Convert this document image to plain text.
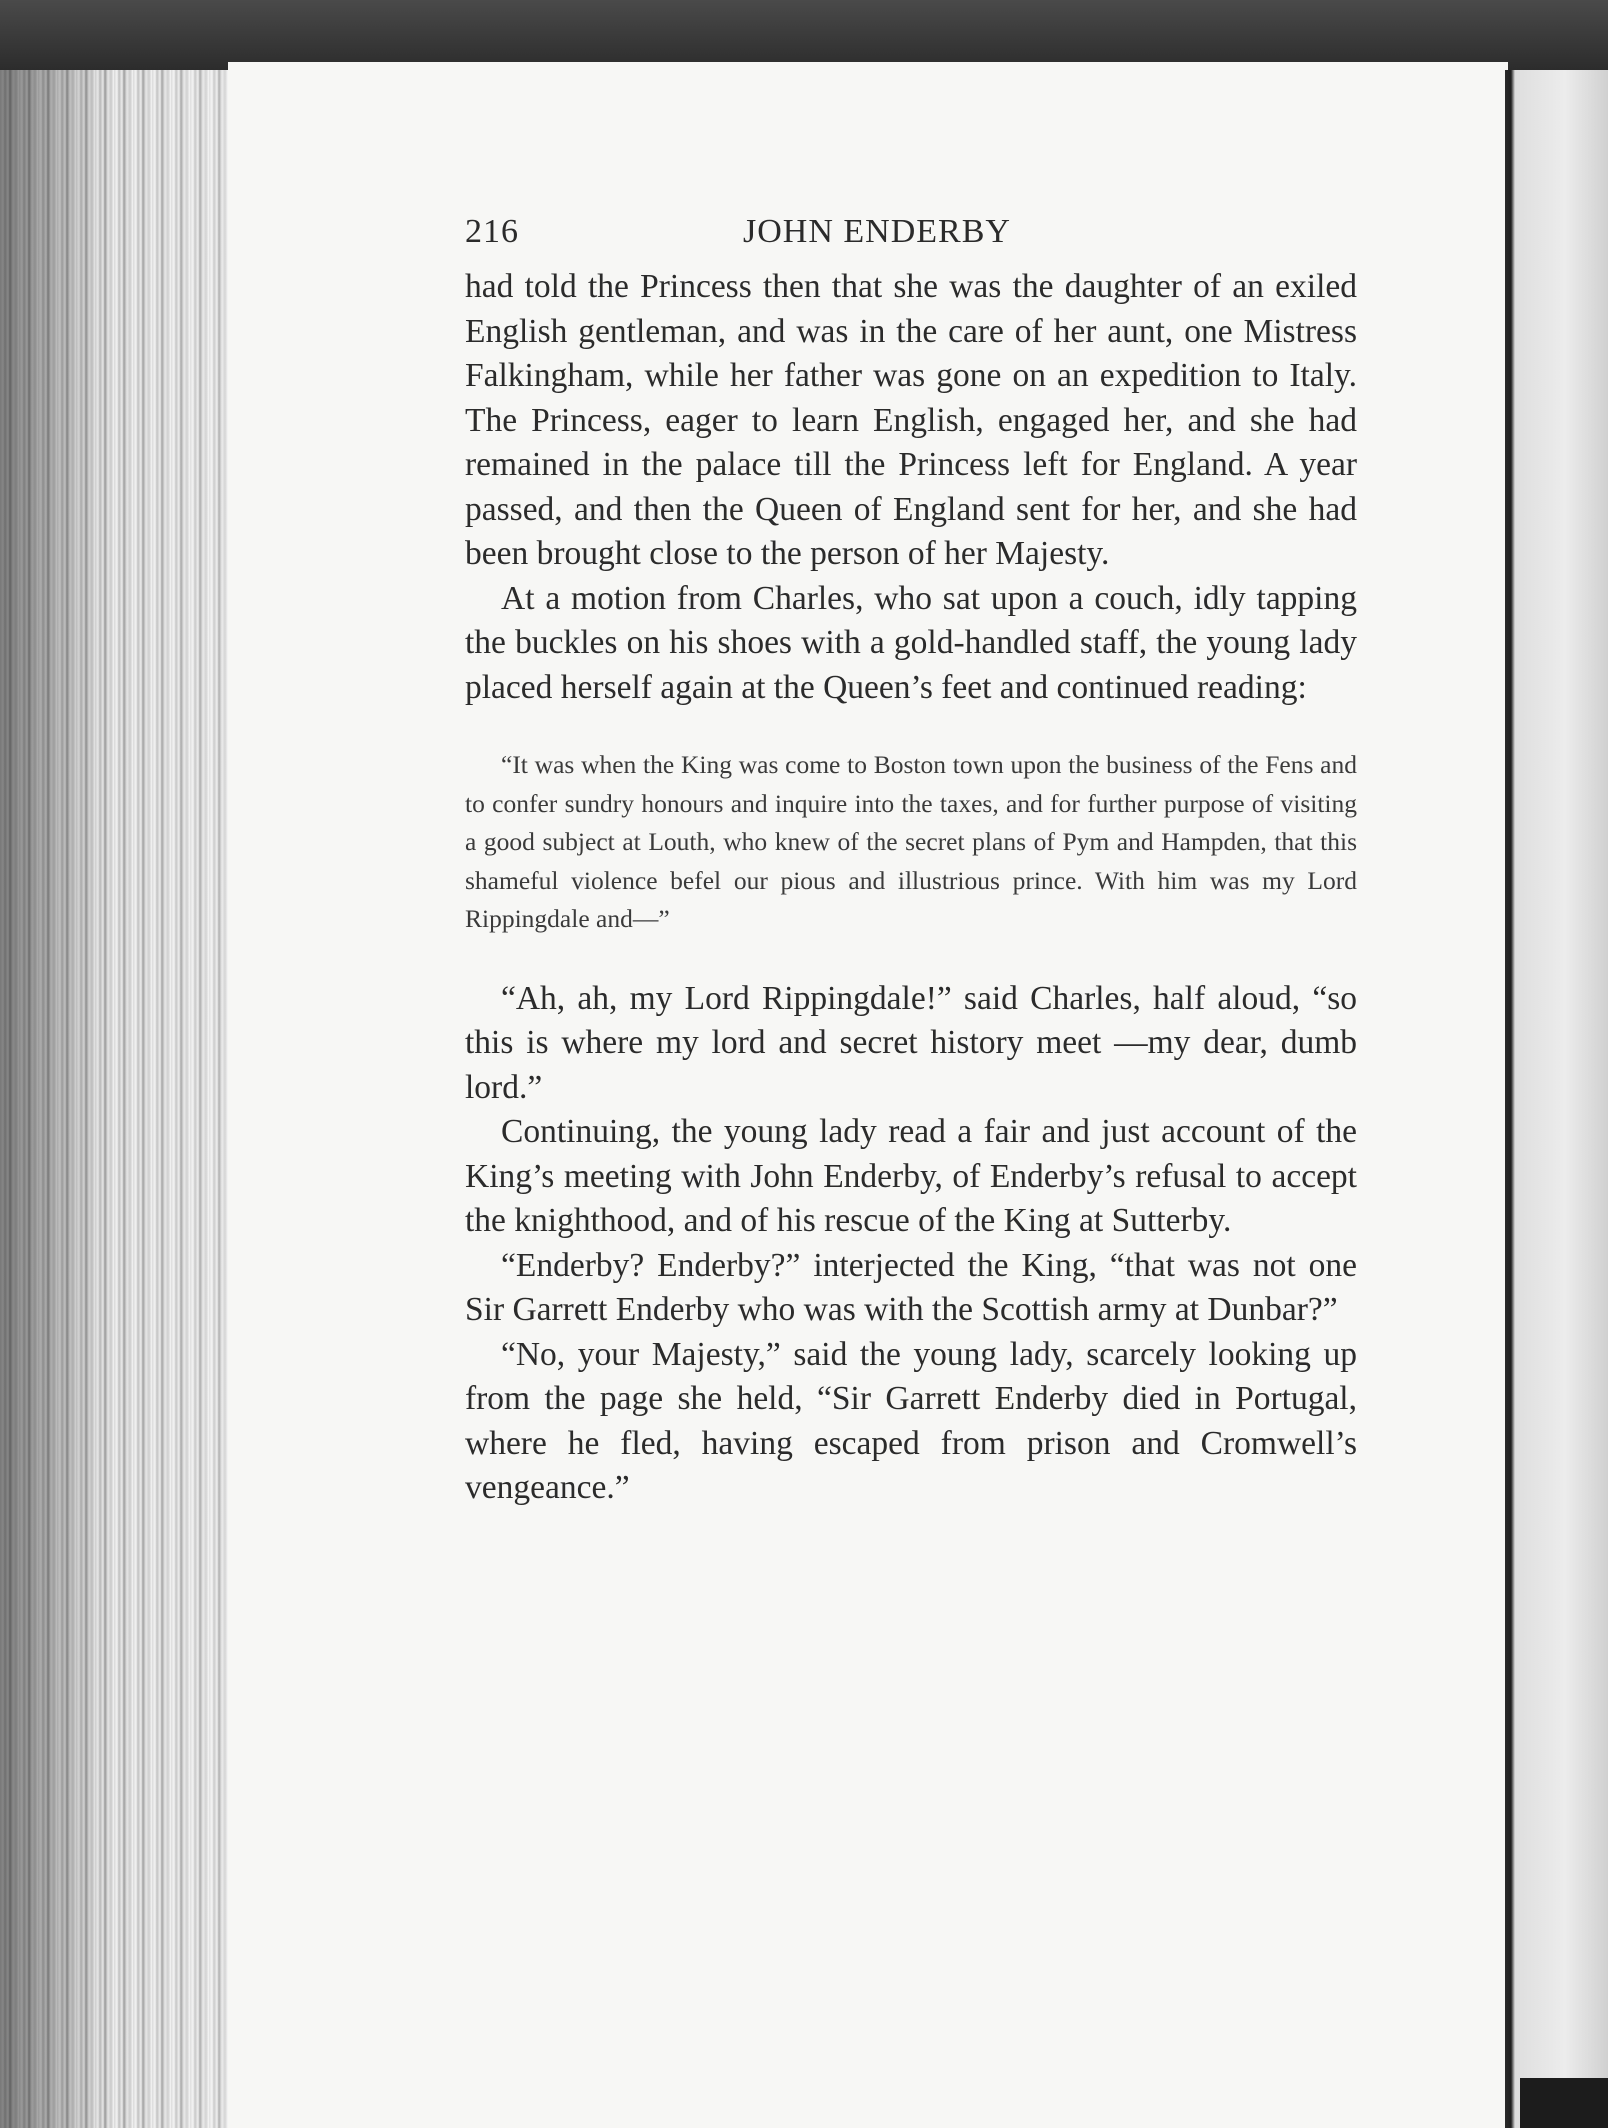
216	JOHN ENDERBY

had told the Princess then that she was the daughter of an exiled English gentleman, and was in the care of her aunt, one Mistress Falkingham, while her father was gone on an expedition to Italy. The Princess, eager to learn English, engaged her, and she had remained in the palace till the Princess left for England. A year passed, and then the Queen of England sent for her, and she had been brought close to the person of her Majesty.

At a motion from Charles, who sat upon a couch, idly tapping the buckles on his shoes with a gold-handled staff, the young lady placed herself again at the Queen’s feet and continued reading:

“It was when the King was come to Boston town upon the business of the Fens and to confer sundry honours and inquire into the taxes, and for further purpose of visiting a good subject at Louth, who knew of the secret plans of Pym and Hampden, that this shameful violence befel our pious and illustrious prince. With him was my Lord Rippingdale and—”

“Ah, ah, my Lord Rippingdale!” said Charles, half aloud, “so this is where my lord and secret history meet —my dear, dumb lord.”

Continuing, the young lady read a fair and just account of the King’s meeting with John Enderby, of Enderby’s refusal to accept the knighthood, and of his rescue of the King at Sutterby.

“Enderby? Enderby?” interjected the King, “that was not one Sir Garrett Enderby who was with the Scottish army at Dunbar?”

“No, your Majesty,” said the young lady, scarcely looking up from the page she held, “Sir Garrett Enderby died in Portugal, where he fled, having escaped from prison and Cromwell’s vengeance.”
